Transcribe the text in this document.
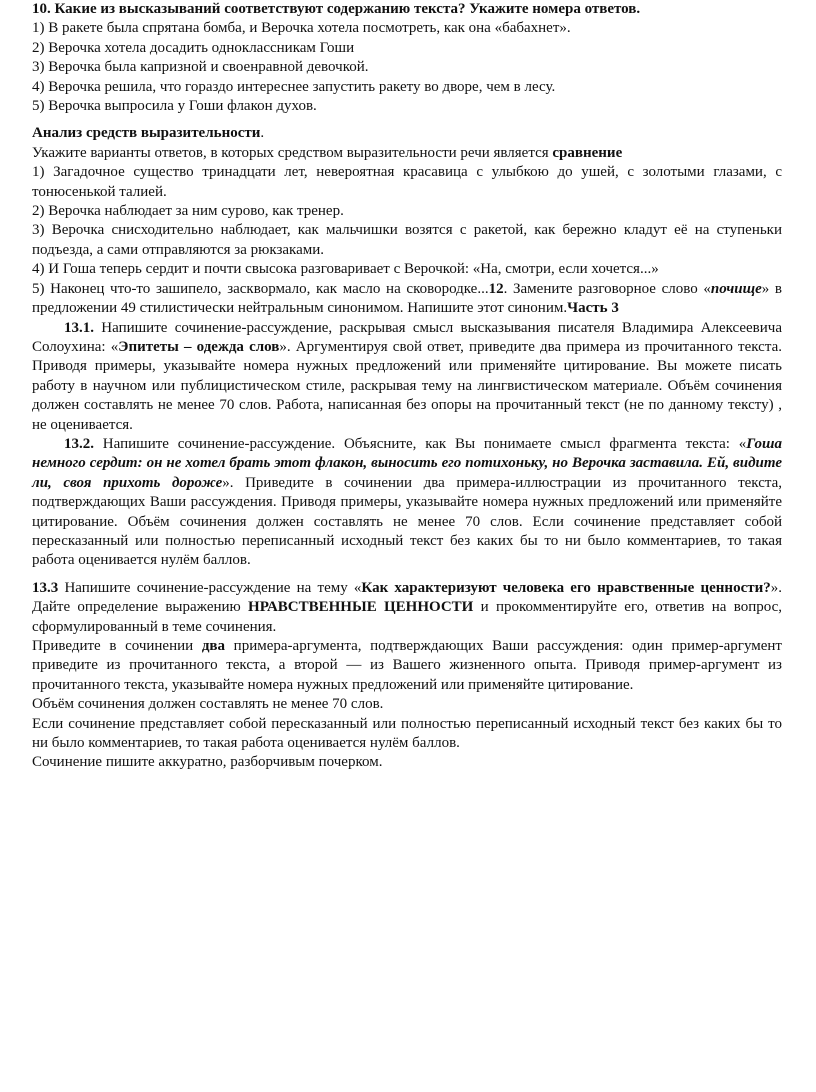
10. Какие из высказываний соответствуют содержанию текста? Укажите номера ответов.

1) В ракете была спрятана бомба, и Верочка хотела посмотреть, как она «бабахнет».

2) Верочка хотела досадить одноклассникам Гоши

3) Верочка была капризной и своенравной девочкой.

4) Верочка решила, что гораздо интереснее запустить ракету во дворе, чем в лесу.

5) Верочка выпросила у Гоши флакон духов.

Анализ средств выразительности.

Укажите варианты ответов, в которых средством выразительности речи является сравнение

1) Загадочное существо тринадцати лет, невероятная красавица с улыбкою до ушей, с золотыми глазами, с тонюсенькой талией.

2) Верочка наблюдает за ним сурово, как тренер.

3) Верочка снисходительно наблюдает, как мальчишки возятся с ракетой, как бережно кладут её на ступеньки подъезда, а сами отправляются за рюкзаками.

4) И Гоша теперь сердит и почти свысока разговаривает с Верочкой: «На, смотри, если хочется...»

5) Наконец что-то зашипело, засквормало, как масло на сковородке...12. Замените разговорное слово «почище» в предложении 49 стилистически нейтральным синонимом. Напишите этот синоним.Часть 3

13.1. Напишите сочинение-рассуждение, раскрывая смысл высказывания писателя Владимира Алексеевича Солоухина: «Эпитеты – одежда слов». Аргументируя свой ответ, приведите два примера из прочитанного текста. Приводя примеры, указывайте номера нужных предложений или применяйте цитирование. Вы можете писать работу в научном или публицистическом стиле, раскрывая тему на лингвистическом материале. Объём сочинения должен составлять не менее 70 слов. Работа, написанная без опоры на прочитанный текст (не по данному тексту) , не оценивается.

13.2. Напишите сочинение-рассуждение. Объясните, как Вы понимаете смысл фрагмента текста: «Гоша немного сердит: он не хотел брать этот флакон, выносить его потихоньку, но Верочка заставила. Ей, видите ли, своя прихоть дороже». Приведите в сочинении два примера-иллюстрации из прочитанного текста, подтверждающих Ваши рассуждения. Приводя примеры, указывайте номера нужных предложений или применяйте цитирование. Объём сочинения должен составлять не менее 70 слов. Если сочинение представляет собой пересказанный или полностью переписанный исходный текст без каких бы то ни было комментариев, то такая работа оценивается нулём баллов.

13.3 Напишите сочинение-рассуждение на тему «Как характеризуют человека его нравственные ценности?». Дайте определение выражению НРАВСТВЕННЫЕ ЦЕННОСТИ и прокомментируйте его, ответив на вопрос, сформулированный в теме сочинения.

Приведите в сочинении два примера-аргумента, подтверждающих Ваши рассуждения: один пример-аргумент приведите из прочитанного текста, а второй — из Вашего жизненного опыта. Приводя пример-аргумент из прочитанного текста, указывайте номера нужных предложений или применяйте цитирование.

Объём сочинения должен составлять не менее 70 слов.

Если сочинение представляет собой пересказанный или полностью переписанный исходный текст без каких бы то ни было комментариев, то такая работа оценивается нулём баллов.

Сочинение пишите аккуратно, разборчивым почерком.
